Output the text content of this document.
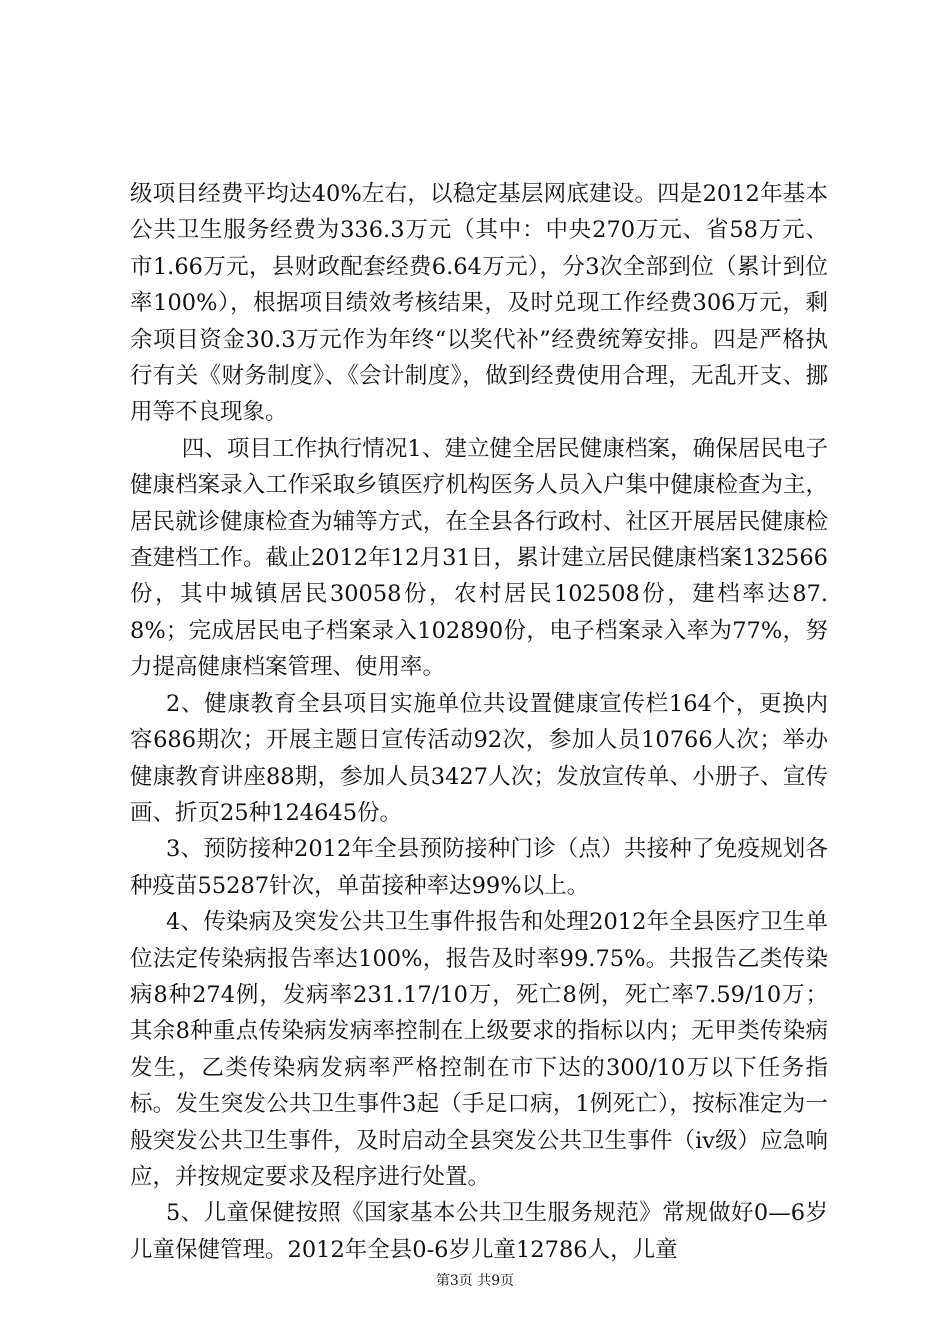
级项目经费平均达40%左右，以稳定基层网底建设。四是2012年基本公共卫生服务经费为336.3万元（其中：中央270万元、省58万元、市1.66万元，县财政配套经费6.64万元），分3次全部到位（累计到位率100%），根据项目绩效考核结果，及时兑现工作经费306万元，剩余项目资金30.3万元作为年终“以奖代补”经费统筹安排。四是严格执行有关《财务制度》、《会计制度》，做到经费使用合理，无乱开支、挪用等不良现象。

四、项目工作执行情况1、建立健全居民健康档案，确保居民电子健康档案录入工作采取乡镇医疗机构医务人员入户集中健康检查为主，居民就诊健康检查为辅等方式，在全县各行政村、社区开展居民健康检查建档工作。截止2012年12月31日，累计建立居民健康档案132566份，其中城镇居民30058份，农村居民102508份，建档率达87.8%；完成居民电子档案录入102890份，电子档案录入率为77%，努力提高健康档案管理、使用率。

2、健康教育全县项目实施单位共设置健康宣传栏164个，更换内容686期次；开展主题日宣传活动92次，参加人员10766人次；举办健康教育讲座88期，参加人员3427人次；发放宣传单、小册子、宣传画、折页25种124645份。

3、预防接种2012年全县预防接种门诊（点）共接种了免疫规划各种疫苗55287针次，单苗接种率达99%以上。

4、传染病及突发公共卫生事件报告和处理2012年全县医疗卫生单位法定传染病报告率达100%，报告及时率99.75%。共报告乙类传染病8种274例，发病率231.17/10万，死亡8例，死亡率7.59/10万；其余8种重点传染病发病率控制在上级要求的指标以内；无甲类传染病发生，乙类传染病发病率严格控制在市下达的300/10万以下任务指标。发生突发公共卫生事件3起（手足口病，1例死亡），按标准定为一般突发公共卫生事件，及时启动全县突发公共卫生事件（iv级）应急响应，并按规定要求及程序进行处置。

5、儿童保健按照《国家基本公共卫生服务规范》常规做好0—6岁儿童保健管理。2012年全县0-6岁儿童12786人，儿童

第3页 共9页
